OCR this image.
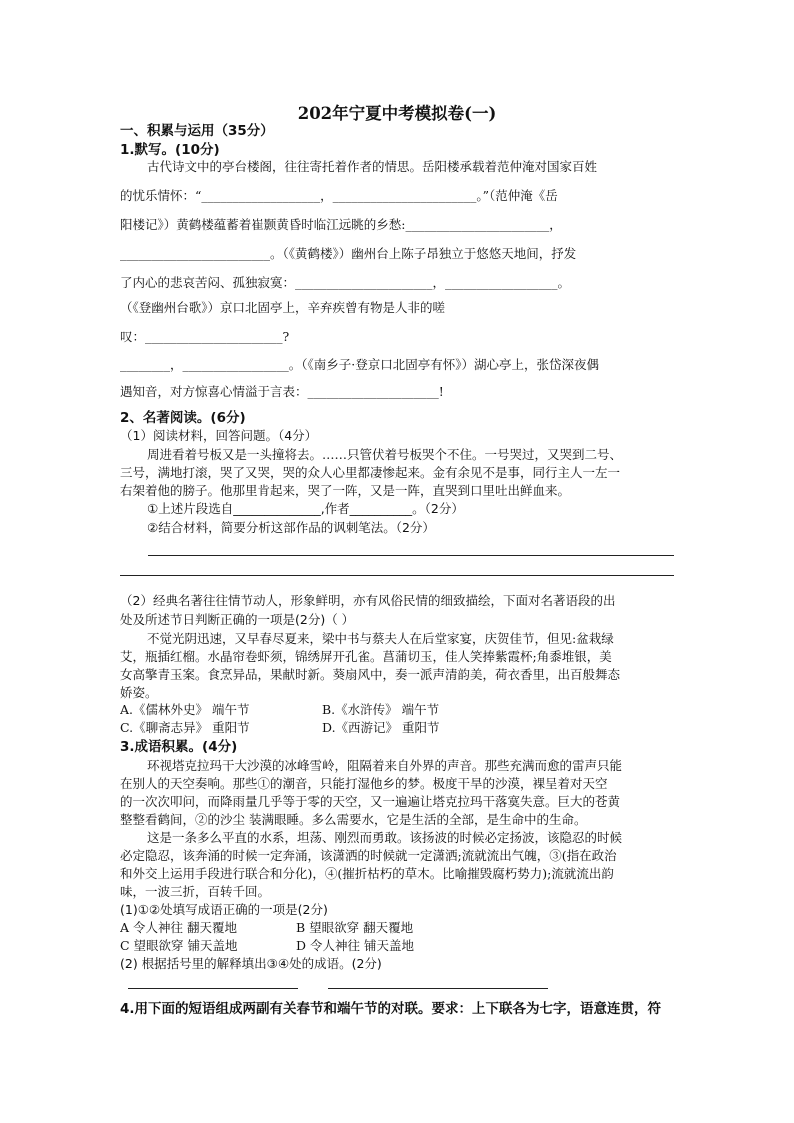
202年宁夏中考模拟卷(一)
一、积累与运用（35分）
1.默写。(10分)
古代诗文中的亭台楼阁，往往寄托着作者的情思。岳阳楼承载着范仲淹对国家百姓
的忧乐情怀：“___________________，_______________________。”（范仲淹《岳
阳楼记》）黄鹤楼蕴蓄着崔颢黄昏时临江远眺的乡愁:_______________________，
________________________。（《黄鹤楼》）幽州台上陈子昂独立于悠悠天地间，抒发
了内心的悲哀苦闷、孤独寂寞：______________________，__________________。
（《登幽州台歌》）京口北固亭上，辛弃疾曾有物是人非的嗟
叹：______________________?
________，_________________。（《南乡子·登京口北固亭有怀》）湖心亭上，张岱深夜偶
遇知音，对方惊喜心情溢于言表：_____________________!
2、名著阅读。(6分)
（1）阅读材料，回答问题。（4分）
周进看着号板又是一头撞将去。……只管伏着号板哭个不住。一号哭过，又哭到二号、
三号，满地打滚，哭了又哭，哭的众人心里都凄惨起来。金有余见不是事，同行主人一左一
右架着他的膀子。他那里肯起来，哭了一阵，又是一阵，直哭到口里吐出鲜血来。
①上述片段选自______________,作者__________。（2分）
②结合材料，简要分析这部作品的讽刺笔法。（2分）
（2）经典名著往往情节动人，形象鲜明，亦有风俗民情的细致描绘，下面对名著语段的出
处及所述节日判断正确的一项是(2分)（ ）
不觉光阴迅速，又早春尽夏来，梁中书与蔡夫人在后堂家宴，庆贺佳节，但见:盆栽绿
艾，瓶插红榴。水晶帘卷虾须，锦绣屏开孔雀。菖蒲切玉，佳人笑捧紫霞杯;角黍堆银，美
女高擎青玉案。食烹异品，果献时新。葵扇风中，奏一派声清韵美，荷衣香里，出百般舞态
娇姿。
A.《儒林外史》 端午节	B.《水浒传》 端午节
C.《聊斋志异》 重阳节	D.《西游记》 重阳节
3.成语积累。(4分)
环视塔克拉玛干大沙漠的冰峰雪岭，阻隔着来自外界的声音。那些充满而愈的雷声只能
在别人的天空奏响。那些①的潮音，只能打湿他乡的梦。极度干旱的沙漠，裸呈着对天空
的一次次叩问，而降雨量几乎等于零的天空，又一遍遍让塔克拉玛干落寞失意。巨大的苍黄
整整看鹤间，②的沙尘 装满眼睡。多么需要水，它是生活的全部，是生命中的生命。
这是一条多么平直的水系，坦荡、刚烈而勇敢。该扬波的时候必定扬波，该隐忍的时候
必定隐忍，该奔涌的时候一定奔涌，该潇洒的时候就一定潇洒;流就流出气魄，③(指在政治
和外交上运用手段进行联合和分化)，④(摧折枯朽的草木。比喻摧毁腐朽势力);流就流出韵
味，一波三折，百转千回。
(1)①②处填写成语正确的一项是(2分)
A 令人神往 翻天覆地	B 望眼欲穿 翻天覆地
C 望眼欲穿 铺天盖地	D 令人神往 铺天盖地
(2) 根据括号里的解释填出③④处的成语。(2分)
4.用下面的短语组成两副有关春节和端午节的对联。要求：上下联各为七字，语意连贯，符
